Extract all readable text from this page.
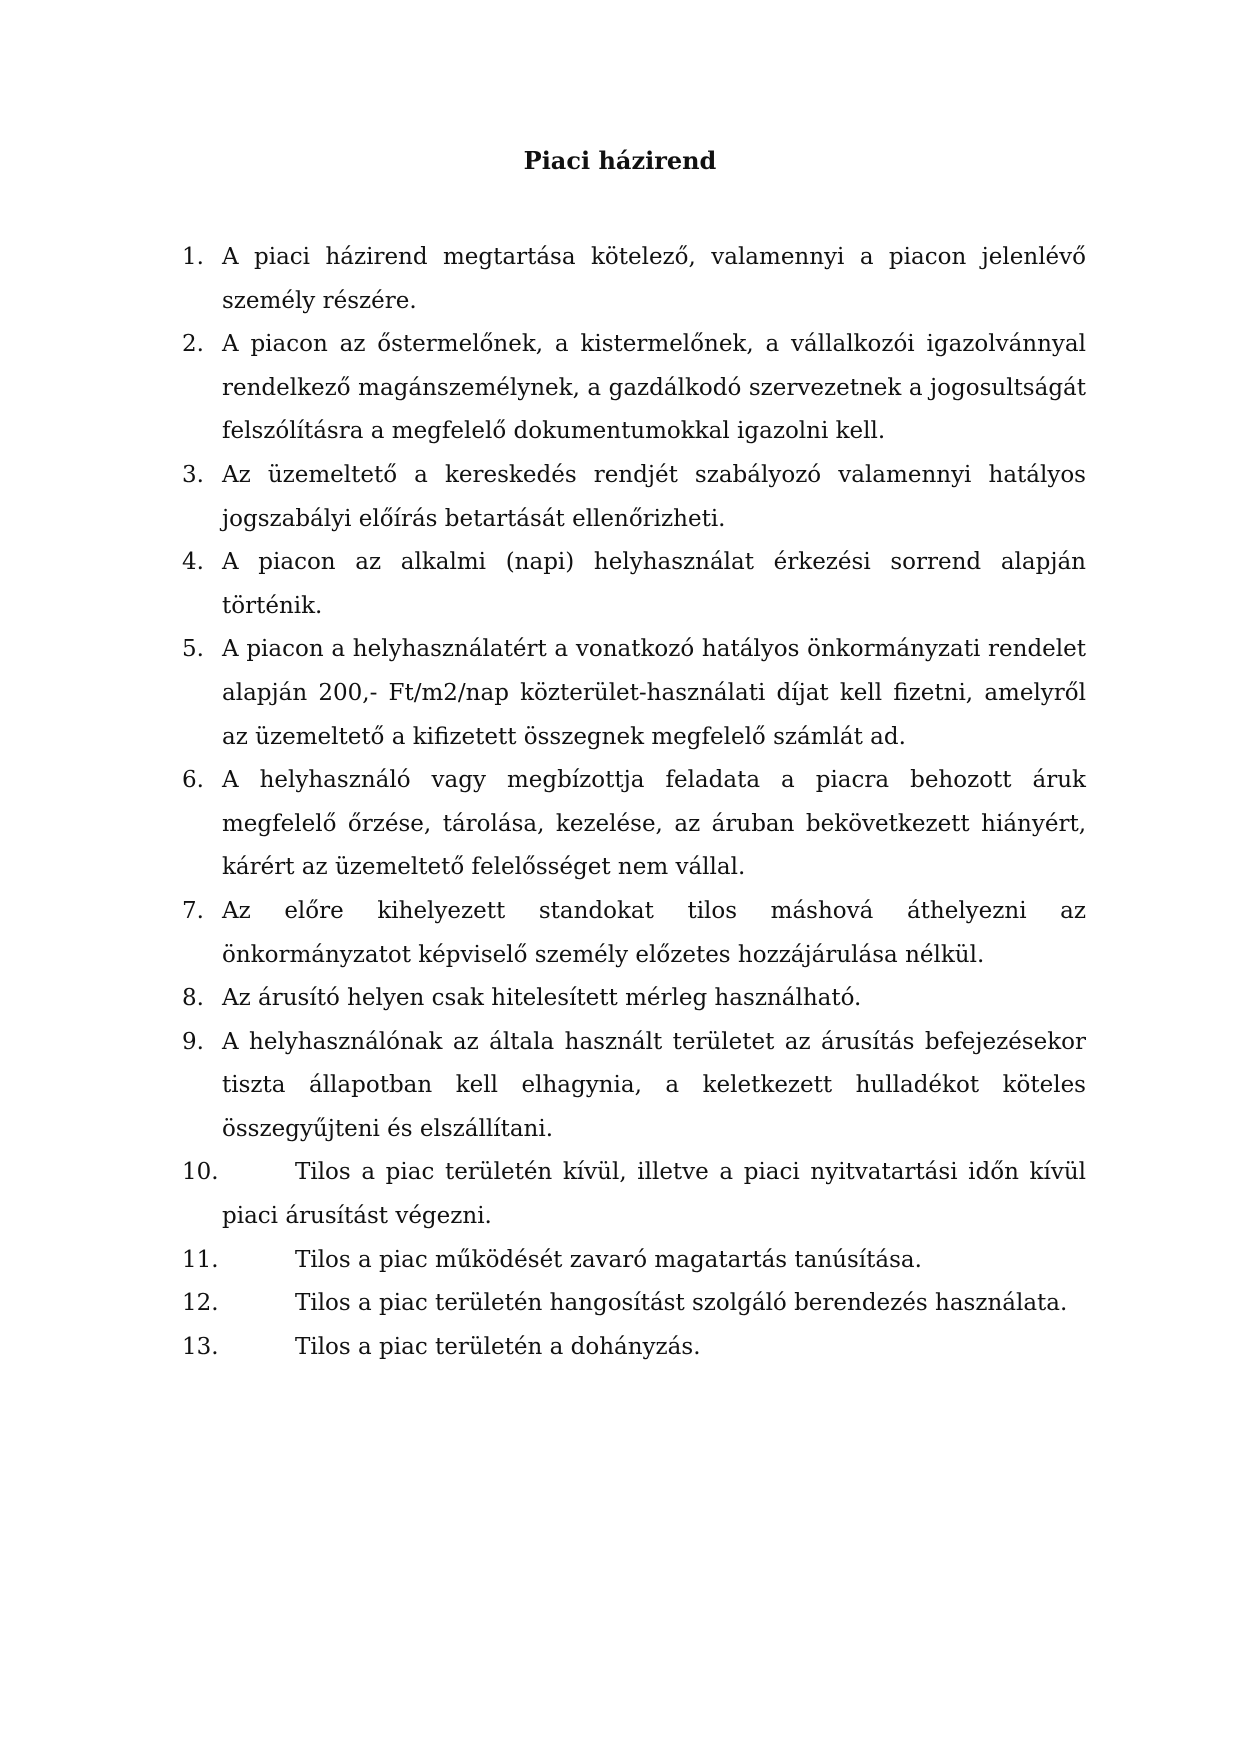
Piaci házirend
1. A piaci házirend megtartása kötelező, valamennyi a piacon jelenlévő személy részére.
2. A piacon az őstermelőnek, a kistermelőnek, a vállalkozói igazolvánnyal rendelkező magánszemélynek, a gazdálkodó szervezetnek a jogosultságát felszólításra a megfelelő dokumentumokkal igazolni kell.
3. Az üzemeltető a kereskedés rendjét szabályozó valamennyi hatályos jogszabályi előírás betartását ellenőrizheti.
4. A piacon az alkalmi (napi) helyhasználat érkezési sorrend alapján történik.
5. A piacon a helyhasználatért a vonatkozó hatályos önkormányzati rendelet alapján 200,- Ft/m2/nap közterület-használati díjat kell fizetni, amelyről az üzemeltető a kifizetett összegnek megfelelő számlát ad.
6. A helyhasználó vagy megbízottja feladata a piacra behozott áruk megfelelő őrzése, tárolása, kezelése, az áruban bekövetkezett hiányért, kárért az üzemeltető felelősséget nem vállal.
7. Az előre kihelyezett standokat tilos máshová áthelyezni az önkormányzatot képviselő személy előzetes hozzájárulása nélkül.
8. Az árusító helyen csak hitelesített mérleg használható.
9. A helyhasználónak az általa használt területet az árusítás befejezésekor tiszta állapotban kell elhagynia, a keletkezett hulladékot köteles összegyűjteni és elszállítani.
10.	Tilos a piac területén kívül, illetve a piaci nyitvatartási időn kívül piaci árusítást végezni.
11.	Tilos a piac működését zavaró magatartás tanúsítása.
12.	Tilos a piac területén hangosítást szolgáló berendezés használata.
13.	Tilos a piac területén a dohányzás.
